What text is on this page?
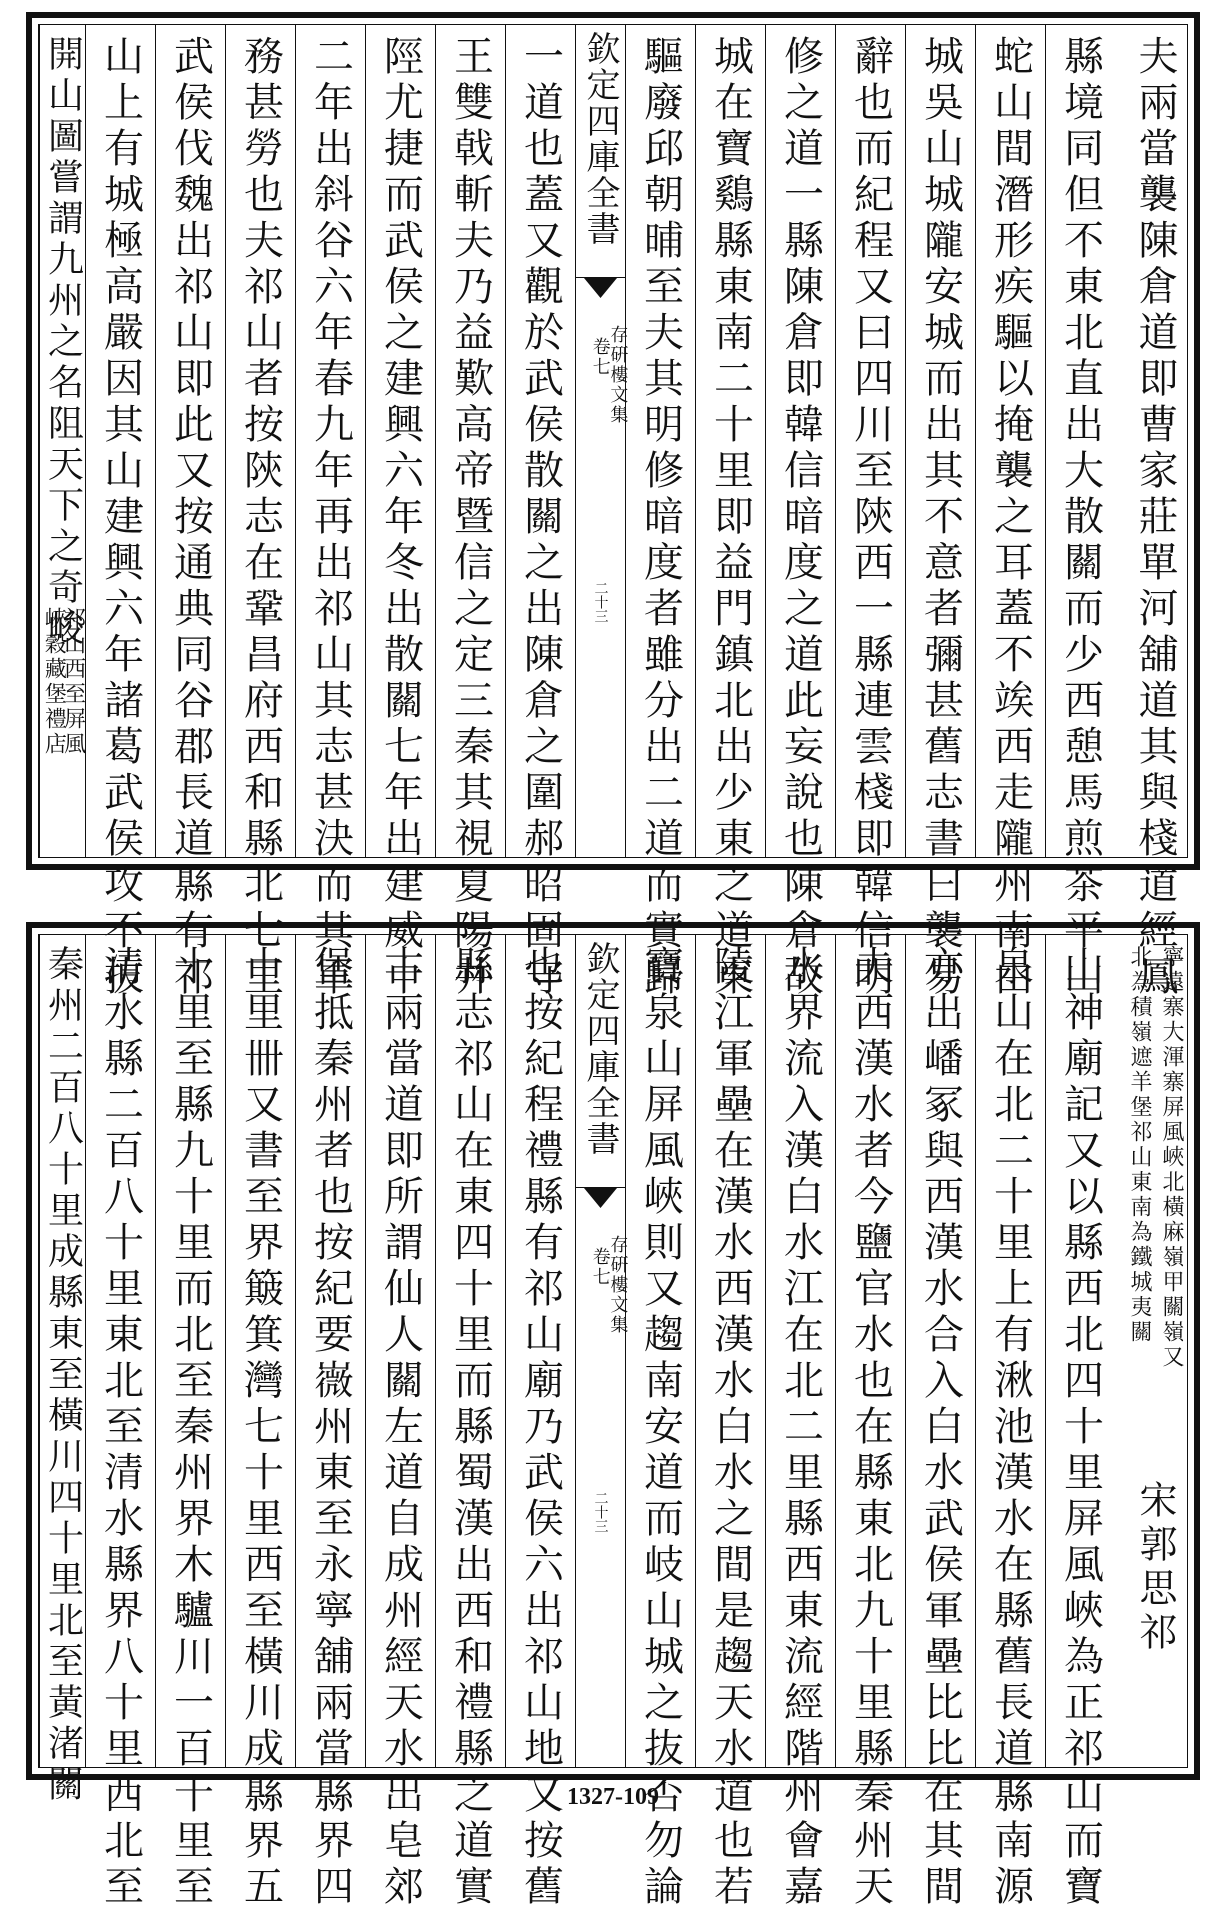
夫兩當襲陳倉道即曹家莊單河舖道其與棧道經鳳
縣境同但不東北直出大散關而少西憩馬煎茶平山
蛇山間潛形疾驅以掩襲之耳蓋不竢西走隴州南由
城吳山城隴安城而出其不意者彌甚舊志書曰襲易
辭也而紀程又曰四川至陝西一縣連雲棧即韓信明
修之道一縣陳倉即韓信暗度之道此妄說也陳倉故
城在寶鷄縣東南二十里即益門鎮北出少東之道東
驅廢邱朝晡至夫其明修暗度者雖分出二道而實歸
欽定四庫全書
存硏樓文集
卷七
二十三
一道也蓋又觀於武侯散關之出陳倉之圍郝昭固守
王雙戟斬夫乃益歎高帝暨信之定三秦其視夏陽井
陘尤捷而武侯之建興六年冬出散關七年出建威十
二年出斜谷六年春九年再出祁山其志甚決而其軍
務甚勞也夫祁山者按陝志在鞏昌府西和縣北七里
武侯伐魏出祁山即此又按通典同谷郡長道縣有祁
山上有城極高嚴因其山建興六年諸葛武侯攻不抜
開山圖嘗謂九州之名阻天下之奇峻
祁山西至屏風
峽穀藏堡禮店
寧遠寨大渾寨屏風峽北橫麻嶺甲關嶺又
北為積嶺遮羊堡祁山東南為鐵城夷關
宋郭思祁
山神廟記又以縣西北四十里屏風峽為正祁山而寶
泉山在北二十里上有湫池漢水在縣舊長道縣南源
亦出嶓冢與西漢水合入白水武侯軍壘比比在其間
夫西漢水者今鹽官水也在縣東北九十里縣秦州天
水界流入漢白水江在北二里縣西東流經階州會嘉
陵江軍壘在漢水西漢水白水之間是趨天水道也若
寶泉山屏風峽則又趨南安道而岐山城之抜否勿論
欽定四庫全書
存硏樓文集
卷七
二十三
也按紀程禮縣有祁山廟乃武侯六出祁山地又按舊
縣志祁山在東四十里而縣蜀漢出西和禮縣之道實
古兩當道即所謂仙人關左道自成州經天水出皂郊
堡抵秦州者也按紀要嶶州東至永寧舖兩當縣界四
十里卌又書至界簸箕灣七十里西至橫川成縣界五
十里至縣九十里而北至秦州界木驢川一百十里至
清水縣二百八十里東北至清水縣界八十里西北至
秦州二百八十里成縣東至橫川四十里北至黃渚關	1327-109
